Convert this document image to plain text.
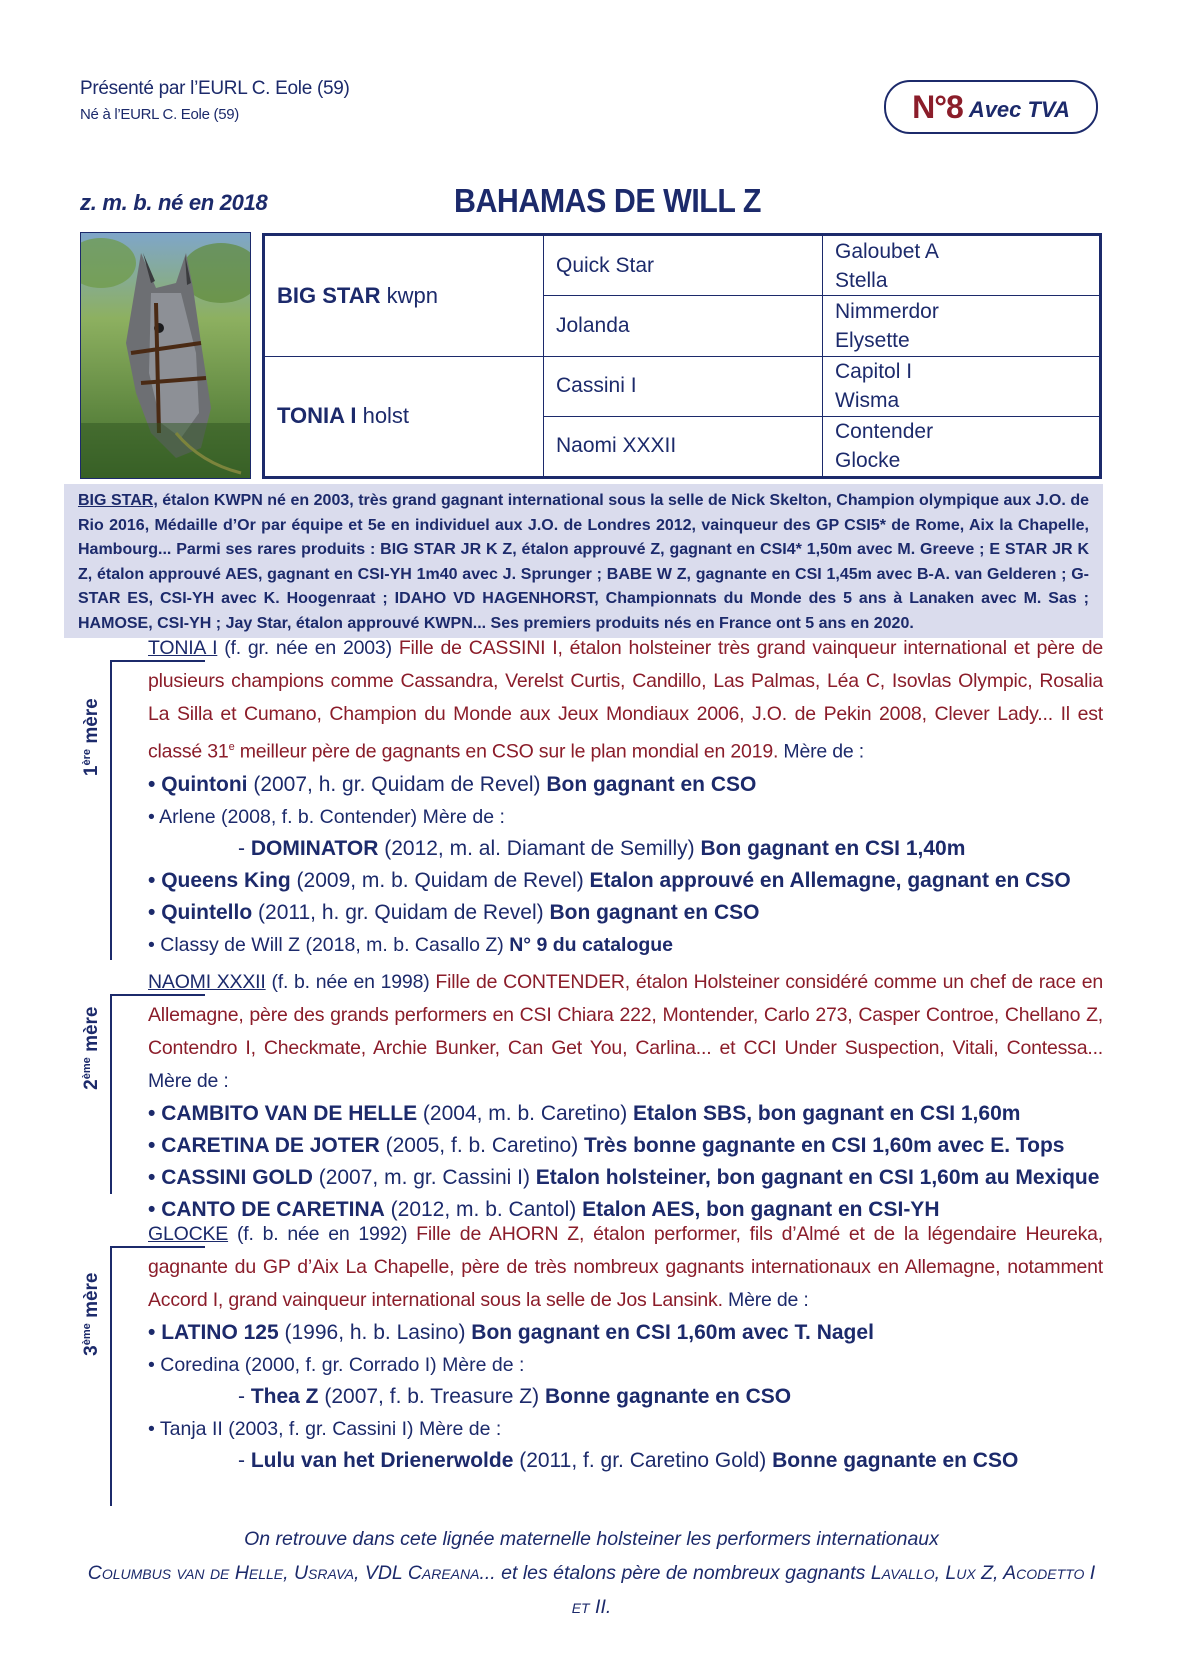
Présenté par l’EURL C. Eole (59)
Né à l’EURL C. Eole (59)	N°8 Avec TVA
z. m. b. né en 2018	BAHAMAS DE WILL Z
BIG STAR kwpn	Quick Star	Galoubet A
Stella
	Jolanda	Nimmerdor
Elysette
TONIA I holst	Cassini I	Capitol I
Wisma
	Naomi XXXII	Contender
Glocke
BIG STAR, étalon KWPN né en 2003, très grand gagnant international sous la selle de Nick Skelton, Champion olympique aux J.O. de Rio 2016, Médaille d’Or par équipe et 5e en individuel aux J.O. de Londres 2012, vainqueur des GP CSI5* de Rome, Aix la Chapelle, Hambourg... Parmi ses rares produits : BIG STAR JR K Z, étalon approuvé Z, gagnant en CSI4* 1,50m avec M. Greeve ; E STAR JR K Z, étalon approuvé AES, gagnant en CSI-YH 1m40 avec J. Sprunger ; BABE W Z, gagnante en CSI 1,45m avec B-A. van Gelderen ; G-STAR ES, CSI-YH avec K. Hoogenraat ; IDAHO VD HAGENHORST, Championnats du Monde des 5 ans à Lanaken avec M. Sas ; HAMOSE, CSI-YH ; Jay Star, étalon approuvé KWPN... Ses premiers produits nés en France ont 5 ans en 2020.
1ère mère
TONIA I (f. gr. née en 2003) Fille de CASSINI I, étalon holsteiner très grand vainqueur international et père de plusieurs champions comme Cassandra, Verelst Curtis, Candillo, Las Palmas, Léa C, Isovlas Olympic, Rosalia La Silla et Cumano, Champion du Monde aux Jeux Mondiaux 2006, J.O. de Pekin 2008, Clever Lady... Il est classé 31e meilleur père de gagnants en CSO sur le plan mondial en 2019. Mère de :
• Quintoni (2007, h. gr. Quidam de Revel) Bon gagnant en CSO
• Arlene (2008, f. b. Contender) Mère de :
- DOMINATOR (2012, m. al. Diamant de Semilly) Bon gagnant en CSI 1,40m
• Queens King (2009, m. b. Quidam de Revel) Etalon approuvé en Allemagne, gagnant en CSO
• Quintello (2011, h. gr. Quidam de Revel) Bon gagnant en CSO
• Classy de Will Z (2018, m. b. Casallo Z) N° 9 du catalogue
2ème mère
NAOMI XXXII (f. b. née en 1998) Fille de CONTENDER, étalon Holsteiner considéré comme un chef de race en Allemagne, père des grands performers en CSI Chiara 222, Montender, Carlo 273, Casper Controe, Chellano Z, Contendro I, Checkmate, Archie Bunker, Can Get You, Carlina... et CCI Under Suspection, Vitali, Contessa... Mère de :
• CAMBITO VAN DE HELLE (2004, m. b. Caretino) Etalon SBS, bon gagnant en CSI 1,60m
• CARETINA DE JOTER (2005, f. b. Caretino) Très bonne gagnante en CSI 1,60m avec E. Tops
• CASSINI GOLD (2007, m. gr. Cassini I) Etalon holsteiner, bon gagnant en CSI 1,60m au Mexique
• CANTO DE CARETINA (2012, m. b. Cantol) Etalon AES, bon gagnant en CSI-YH
3ème mère
GLOCKE (f. b. née en 1992) Fille de AHORN Z, étalon performer, fils d’Almé et de la légendaire Heureka, gagnante du GP d’Aix La Chapelle, père de très nombreux gagnants internationaux en Allemagne, notamment Accord I, grand vainqueur international sous la selle de Jos Lansink. Mère de :
• LATINO 125 (1996, h. b. Lasino) Bon gagnant en CSI 1,60m avec T. Nagel
• Coredina (2000, f. gr. Corrado I) Mère de :
- Thea Z (2007, f. b. Treasure Z) Bonne gagnante en CSO
• Tanja II (2003, f. gr. Cassini I) Mère de :
- Lulu van het Drienerwolde (2011, f. gr. Caretino Gold) Bonne gagnante en CSO
On retrouve dans cete lignée maternelle holsteiner les performers internationaux
Columbus van de Helle, Usrava, VDL Careana... et les étalons père de nombreux gagnants Lavallo, Lux Z, Acodetto I et II.
